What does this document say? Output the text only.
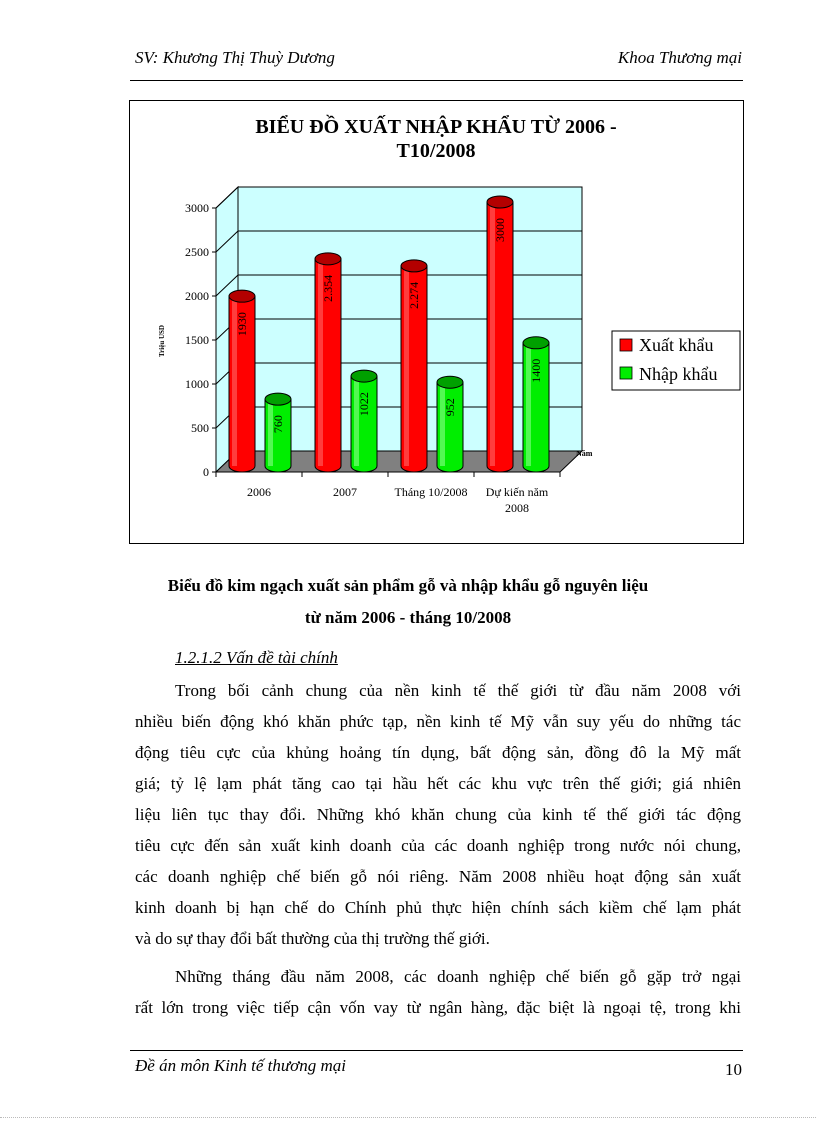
SV: Khương Thị Thuỳ Dương	Khoa Thương mại
BIỂU ĐỒ XUẤT NHẬP KHẨU TỪ 2006 -
T10/2008
0
500
1000
1500
2000
2500
3000
2006	2007	Tháng 10/2008 Dự kiến năm
2008
1930
760
2.354
1022
2.274
952
3000
1400
Triệu USD
Năm
Xuất khẩu
Nhập khẩu
Biểu đồ kim ngạch xuất sản phẩm gỗ và nhập khẩu gỗ nguyên liệu
từ năm 2006 - tháng 10/2008
1.2.1.2 Vấn đề tài chính
Trong bối cảnh chung của nền kinh tế thế giới từ đầu năm 2008 với
nhiều biến động khó khăn phức tạp, nền kinh tế Mỹ vẫn suy yếu do những tác
động tiêu cực của khủng hoảng tín dụng, bất động sản, đồng đô la Mỹ mất
giá; tỷ lệ lạm phát tăng cao tại hầu hết các khu vực trên thế giới; giá nhiên
liệu liên tục thay đổi. Những khó khăn chung của kinh tế thế giới tác động
tiêu cực đến sản xuất kinh doanh của các doanh nghiệp trong nước nói chung,
các doanh nghiệp chế biến gỗ nói riêng. Năm 2008 nhiều hoạt động sản xuất
kinh doanh bị hạn chế do Chính phủ thực hiện chính sách kiềm chế lạm phát
và do sự thay đổi bất thường của thị trường thế giới.
Những tháng đầu năm 2008, các doanh nghiệp chế biến gỗ gặp trở ngại
rất lớn trong việc tiếp cận vốn vay từ ngân hàng, đặc biệt là ngoại tệ, trong khi
Đề án môn Kinh tế thương mại	10
